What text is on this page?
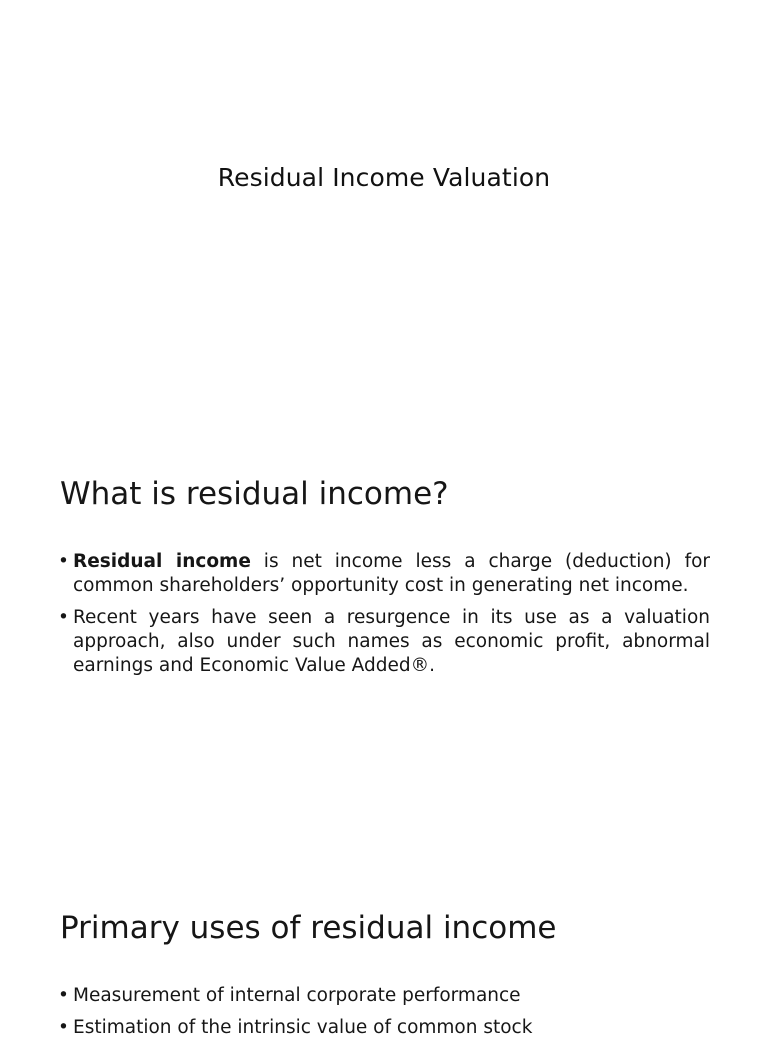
Residual Income Valuation
What is residual income?
• Residual income is net income less a charge (deduction) for common shareholders’ opportunity cost in generating net income.
• Recent years have seen a resurgence in its use as a valuation approach, also under such names as economic profit, abnormal earnings and Economic Value Added®.
Primary uses of residual income
• Measurement of internal corporate performance
• Estimation of the intrinsic value of common stock
